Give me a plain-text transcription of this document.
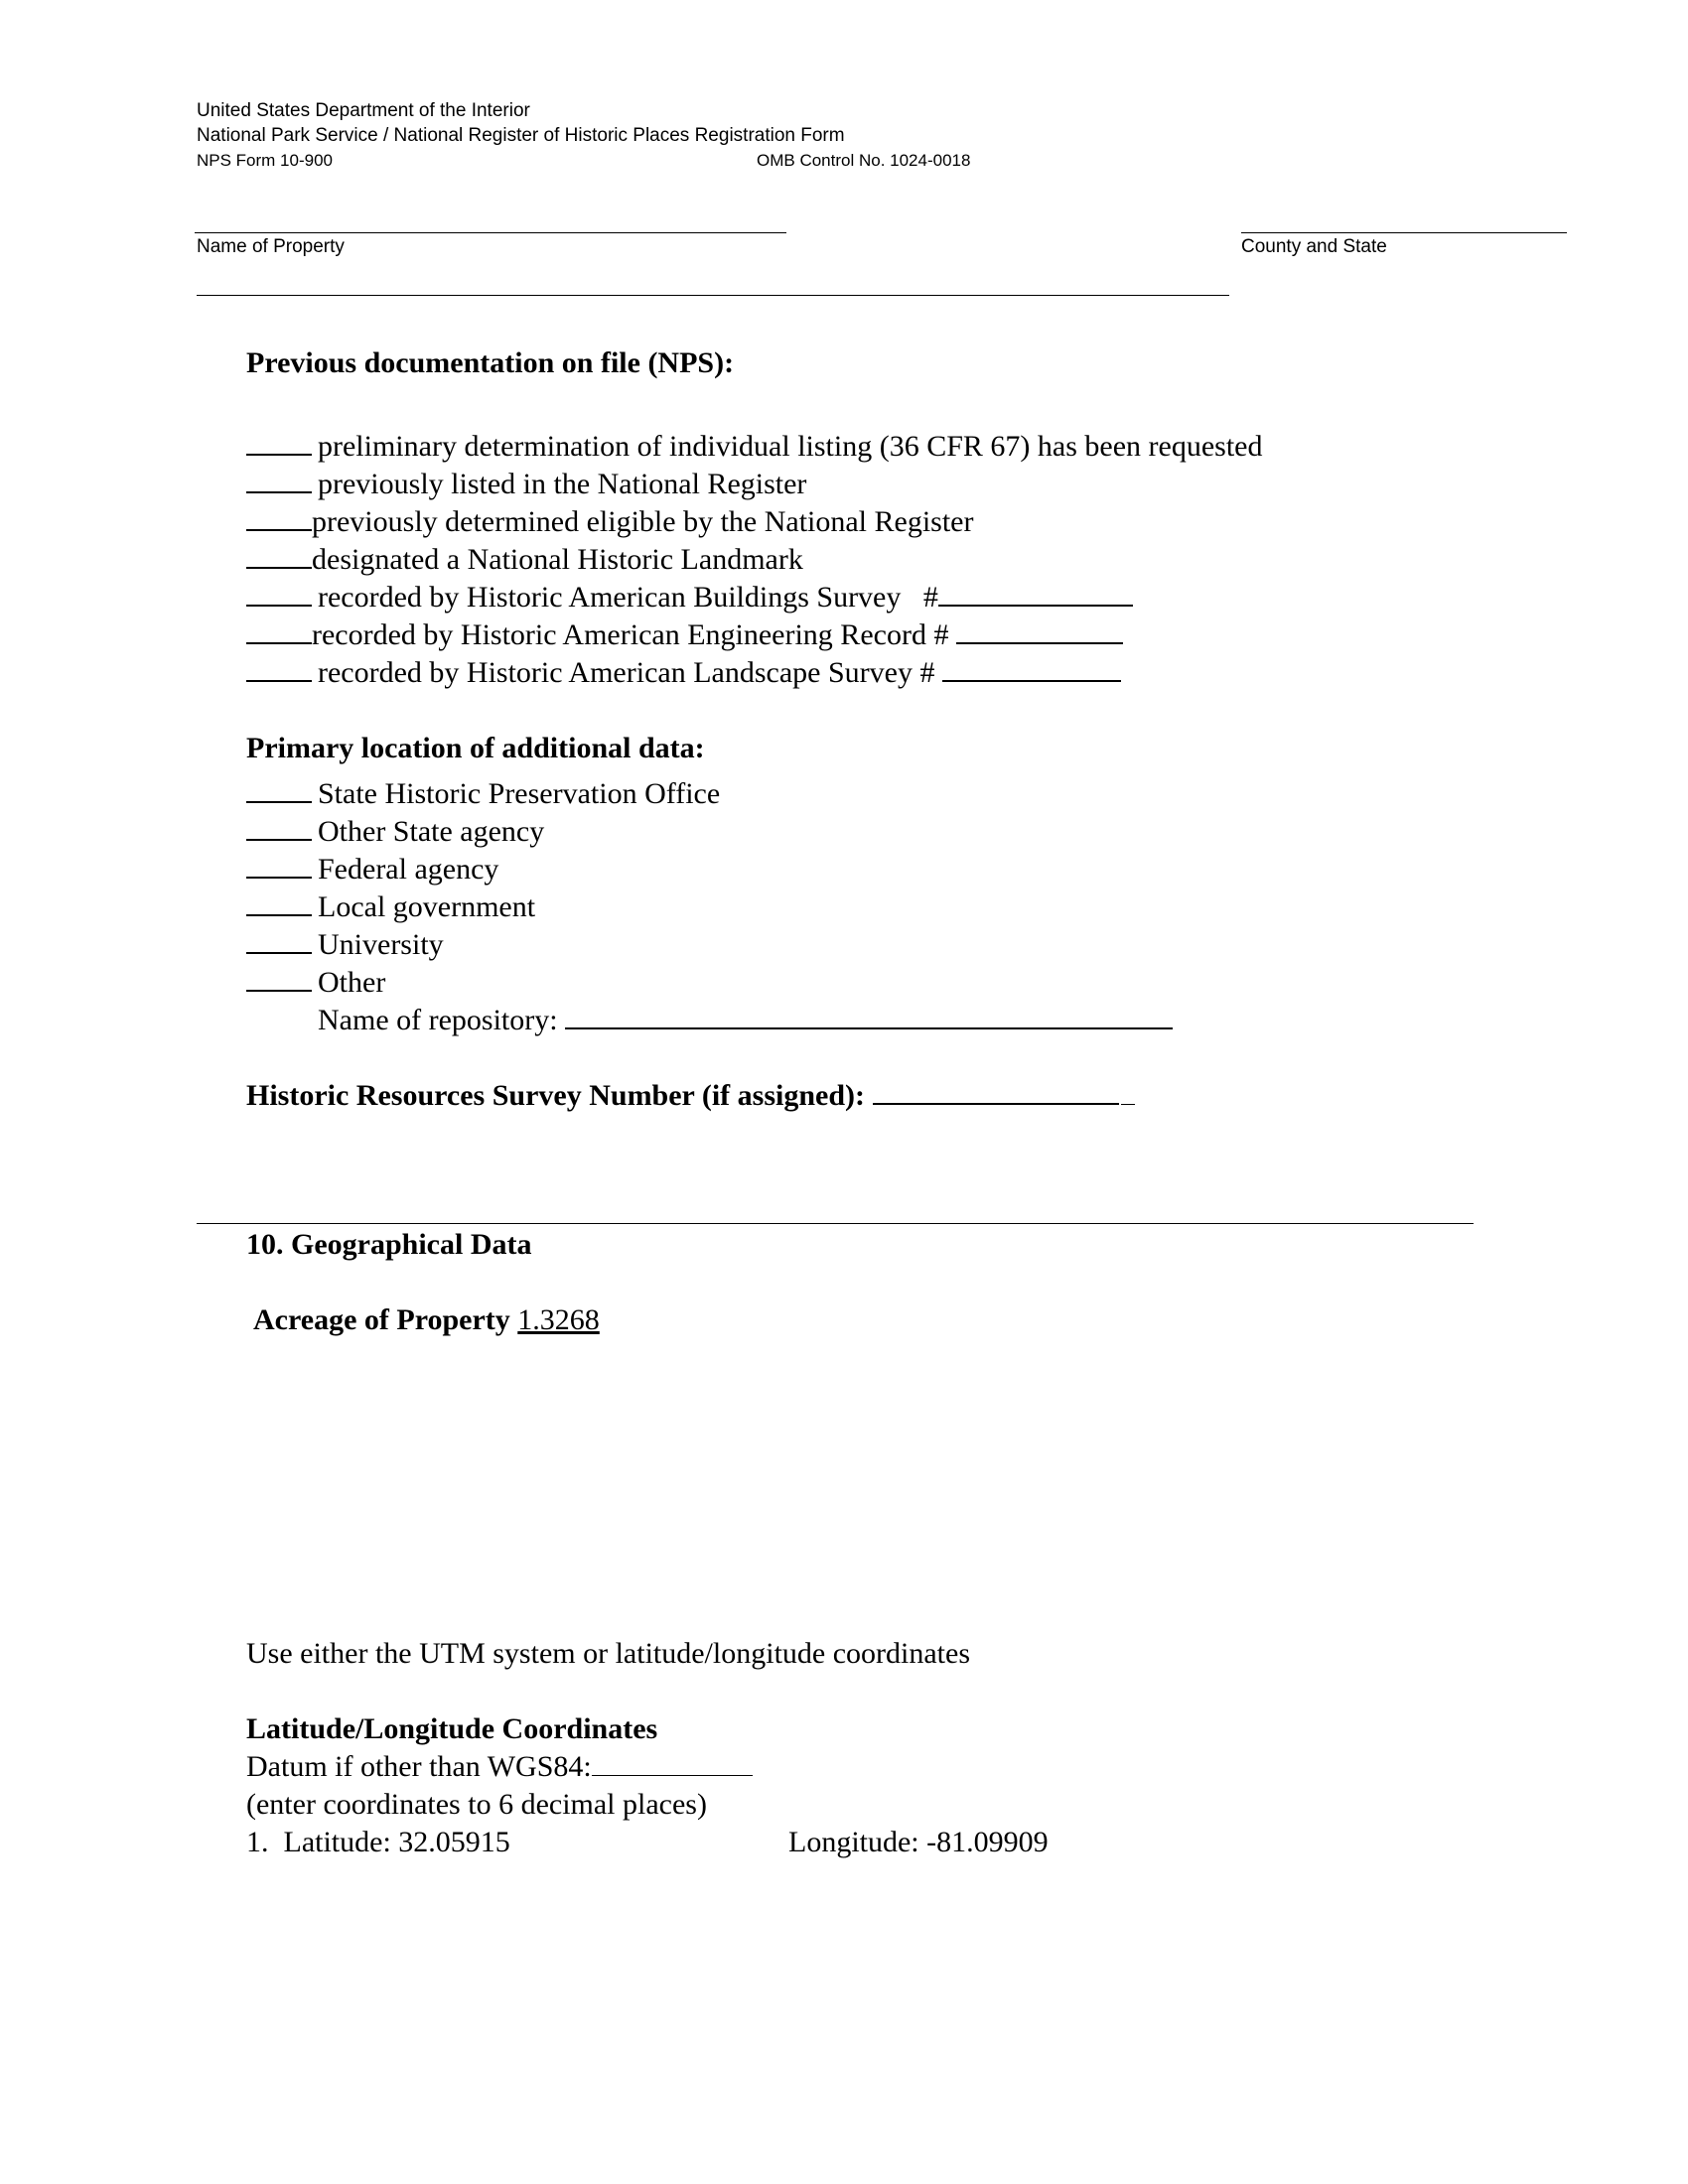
United States Department of the Interior
National Park Service / National Register of Historic Places Registration Form
NPS Form 10-900	OMB Control No. 1024-0018
Name of Property	County and State
Previous documentation on file (NPS):
preliminary determination of individual listing (36 CFR 67) has been requested
previously listed in the National Register
previously determined eligible by the National Register
designated a National Historic Landmark
recorded by Historic American Buildings Survey   #
recorded by Historic American Engineering Record #
recorded by Historic American Landscape Survey #
Primary location of additional data:
State Historic Preservation Office
Other State agency
Federal agency
Local government
University
Other
Name of repository:
Historic Resources Survey Number (if assigned):
10. Geographical Data
Acreage of Property 1.3268
Use either the UTM system or latitude/longitude coordinates
Latitude/Longitude Coordinates
Datum if other than WGS84:
(enter coordinates to 6 decimal places)
1. Latitude: 32.05915	Longitude: -81.09909
